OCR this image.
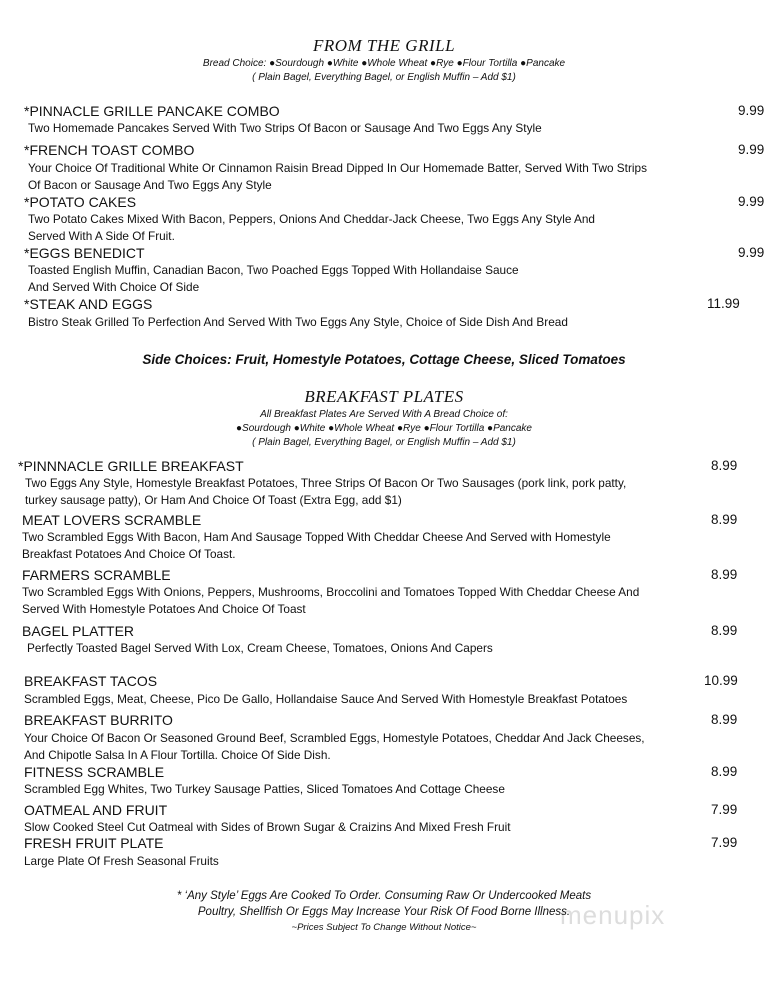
menupix
FROM THE GRILL
Bread Choice: ●Sourdough ●White ●Whole Wheat ●Rye ●Flour Tortilla ●Pancake
( Plain Bagel, Everything Bagel, or English Muffin – Add $1)
*PINNACLE GRILLE PANCAKE COMBO	9.99
Two Homemade Pancakes Served With Two Strips Of Bacon or Sausage And Two Eggs Any Style
*FRENCH TOAST COMBO	9.99
Your Choice Of Traditional White Or Cinnamon Raisin Bread Dipped In Our Homemade Batter, Served With Two Strips
Of Bacon or Sausage And Two Eggs Any Style
*POTATO CAKES	9.99
Two Potato Cakes Mixed With Bacon, Peppers, Onions And Cheddar-Jack Cheese, Two Eggs Any Style And
Served With A Side Of Fruit.
*EGGS BENEDICT	9.99
Toasted English Muffin, Canadian Bacon, Two Poached Eggs Topped With Hollandaise Sauce
And Served With Choice Of Side
*STEAK AND EGGS	11.99
Bistro Steak Grilled To Perfection And Served With Two Eggs Any Style, Choice of Side Dish And Bread
Side Choices: Fruit, Homestyle Potatoes, Cottage Cheese, Sliced Tomatoes
BREAKFAST PLATES
All Breakfast Plates Are Served With A Bread Choice of:
●Sourdough ●White ●Whole Wheat ●Rye ●Flour Tortilla ●Pancake
( Plain Bagel, Everything Bagel, or English Muffin – Add $1)
*PINNNACLE GRILLE BREAKFAST	8.99
Two Eggs Any Style, Homestyle Breakfast Potatoes, Three Strips Of Bacon Or Two Sausages (pork link, pork patty,
turkey sausage patty), Or Ham And Choice Of Toast (Extra Egg, add $1)
MEAT LOVERS SCRAMBLE	8.99
Two Scrambled Eggs With Bacon, Ham And Sausage Topped With Cheddar Cheese And Served with Homestyle
Breakfast Potatoes And Choice Of Toast.
FARMERS SCRAMBLE	8.99
Two Scrambled Eggs With Onions, Peppers, Mushrooms, Broccolini and Tomatoes Topped With Cheddar Cheese And
Served With Homestyle Potatoes And Choice Of Toast
BAGEL PLATTER	8.99
Perfectly Toasted Bagel Served With Lox, Cream Cheese, Tomatoes, Onions And Capers
BREAKFAST TACOS	10.99
Scrambled Eggs, Meat, Cheese, Pico De Gallo, Hollandaise Sauce And Served With Homestyle Breakfast Potatoes
BREAKFAST BURRITO	8.99
Your Choice Of Bacon Or Seasoned Ground Beef, Scrambled Eggs, Homestyle Potatoes, Cheddar And Jack Cheeses,
And Chipotle Salsa In A Flour Tortilla. Choice Of Side Dish.
FITNESS SCRAMBLE	8.99
Scrambled Egg Whites, Two Turkey Sausage Patties, Sliced Tomatoes And Cottage Cheese
OATMEAL AND FRUIT	7.99
Slow Cooked Steel Cut Oatmeal with Sides of Brown Sugar & Craizins And Mixed Fresh Fruit
FRESH FRUIT PLATE	7.99
Large Plate Of Fresh Seasonal Fruits
* ‘Any Style’ Eggs Are Cooked To Order. Consuming Raw Or Undercooked Meats
Poultry, Shellfish Or Eggs May Increase Your Risk Of Food Borne Illness.
~Prices Subject To Change Without Notice~
